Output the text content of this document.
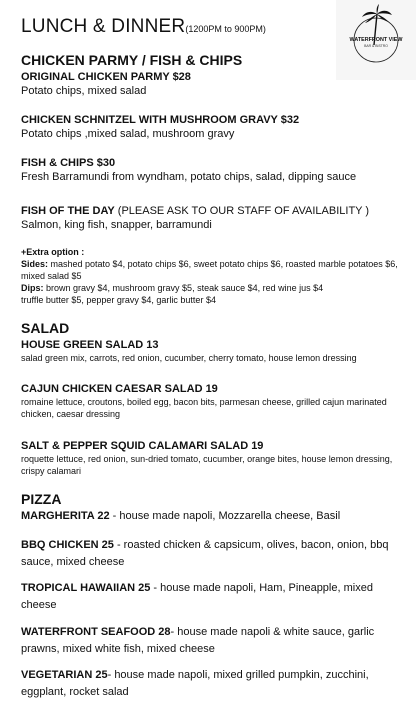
LUNCH & DINNER(1200PM to 900PM)
WATERFRONT VIEW
BAR & BISTRO
CHICKEN PARMY / FISH & CHIPS
ORIGINAL CHICKEN PARMY $28
Potato chips, mixed salad
CHICKEN SCHNITZEL WITH MUSHROOM GRAVY $32
Potato chips ,mixed salad, mushroom gravy
FISH & CHIPS $30
Fresh Barramundi from wyndham, potato chips, salad, dipping sauce
FISH OF THE DAY (PLEASE ASK TO OUR STAFF OF AVAILABILITY )
Salmon, king fish, snapper, barramundi
+Extra option :
Sides: mashed potato $4, potato chips $6, sweet potato chips $6, roasted marble potatoes $6, mixed salad $5
Dips: brown gravy $4, mushroom gravy $5, steak sauce $4, red wine jus $4
truffle butter $5, pepper gravy $4, garlic butter $4
SALAD
HOUSE GREEN SALAD 13
salad green mix, carrots, red onion, cucumber, cherry tomato, house lemon dressing
CAJUN CHICKEN CAESAR SALAD 19
romaine lettuce, croutons, boiled egg, bacon bits, parmesan cheese, grilled cajun marinated chicken, caesar dressing
SALT & PEPPER SQUID CALAMARI SALAD 19
roquette lettuce, red onion, sun-dried tomato, cucumber, orange bites, house lemon dressing, crispy calamari
PIZZA
MARGHERITA 22 - house made napoli, Mozzarella cheese, Basil
BBQ CHICKEN 25 - roasted chicken & capsicum, olives, bacon, onion, bbq sauce, mixed cheese
TROPICAL HAWAIIAN 25 - house made napoli, Ham, Pineapple, mixed cheese
WATERFRONT SEAFOOD 28- house made napoli & white sauce, garlic prawns, mixed white fish, mixed cheese
VEGETARIAN 25- house made napoli, mixed grilled pumpkin, zucchini, eggplant, rocket salad
